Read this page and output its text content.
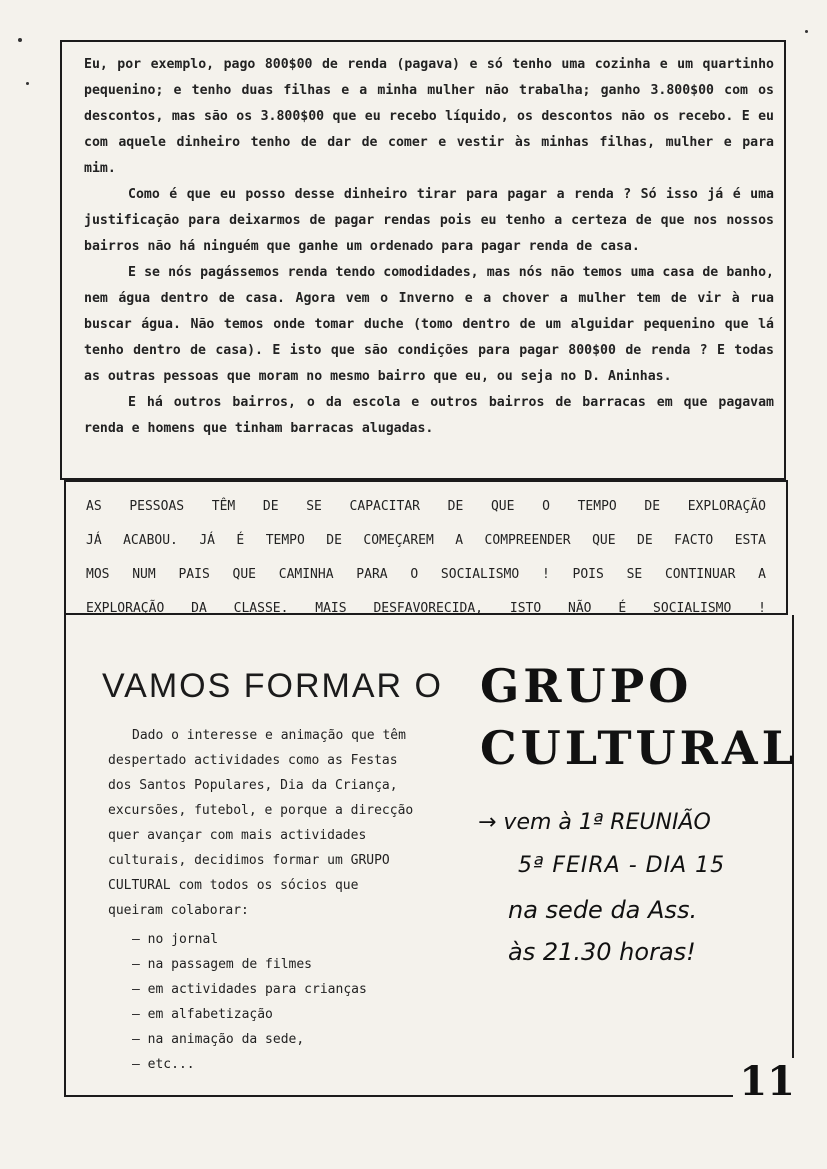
Eu, por exemplo, pago 800$00 de renda (pagava) e só tenho uma cozinha e um quartinho pequenino; e tenho duas filhas e a minha mulher não trabalha; ganho 3.800$00 com os descontos, mas são os 3.800$00 que eu recebo líquido, os descontos não os recebo. E eu com aquele dinheiro tenho de dar de comer e vestir às minhas filhas, mulher e para mim.

Como é que eu posso desse dinheiro tirar para pagar a renda ? Só isso já é uma justificação para deixarmos de pagar rendas pois eu tenho a certeza de que nos nossos bairros não há ninguém que ganhe um ordenado para pagar renda de casa.

E se nós pagássemos renda tendo comodidades, mas nós não temos uma casa de banho, nem água dentro de casa. Agora vem o Inverno e a chover a mulher tem de vir à rua buscar água. Não temos onde tomar duche (tomo dentro de um alguidar pequenino que lá tenho dentro de casa). E isto que são condições para pagar 800$00 de renda ? E todas as outras pessoas que moram no mesmo bairro que eu, ou seja no D. Aninhas.

E há outros bairros, o da escola e outros bairros de barracas em que pagavam renda e homens que tinham barracas alugadas.

AS PESSOAS TÊM DE SE CAPACITAR DE QUE O TEMPO DE EXPLORAÇÃO
JÁ ACABOU. JÁ É TEMPO DE COMEÇAREM A COMPREENDER QUE DE FACTO ESTA
MOS NUM PAIS QUE CAMINHA PARA O SOCIALISMO ! POIS SE CONTINUAR A
EXPLORAÇÃO DA CLASSE. MAIS DESFAVORECIDA, ISTO NÃO É SOCIALISMO !
VAMOS FORMAR O GRUPO
CULTURAL

Dado o interesse e animação que têm despertado actividades como as Festas dos Santos Populares, Dia da Criança, excursões, futebol, e porque a direcção quer avançar com mais actividades culturais, decidimos formar um GRUPO CULTURAL com todos os sócios que queiram colaborar:

– no jornal
– na passagem de filmes
– em actividades para crianças
– em alfabetização
– na animação da sede,
– etc...
→ vem à 1ª REUNIÃO
5ª FEIRA - DIA 15
na sede da Ass.
às 21.30 horas!
11
